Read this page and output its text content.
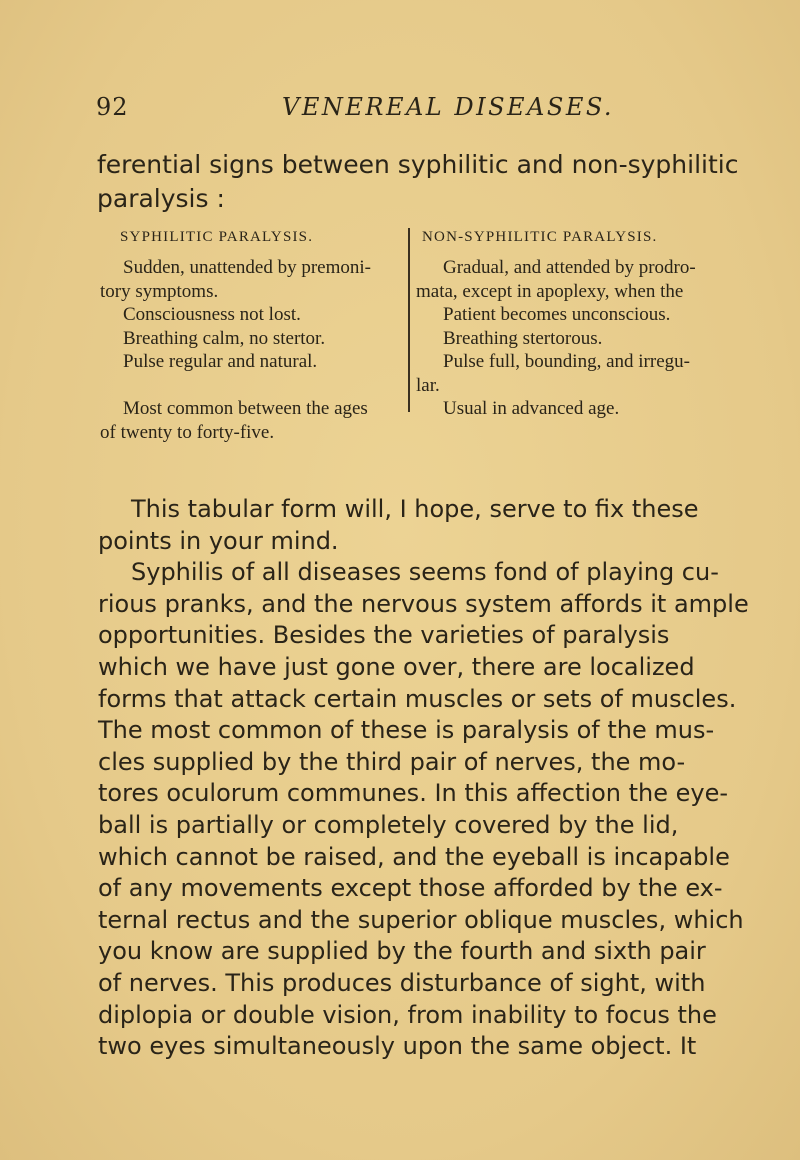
92	VENEREAL DISEASES.

ferential signs between syphilitic and non-syphilitic
paralysis :

SYPHILITIC PARALYSIS.
Sudden, unattended by premoni-
tory symptoms.
Consciousness not lost.
Breathing calm, no stertor.
Pulse regular and natural.
Most common between the ages
of twenty to forty-five.
NON-SYPHILITIC PARALYSIS.
Gradual, and attended by prodro-
mata, except in apoplexy, when the
Patient becomes unconscious.
Breathing stertorous.
Pulse full, bounding, and irregu-
lar.
Usual in advanced age.
This tabular form will, I hope, serve to fix these
points in your mind.
Syphilis of all diseases seems fond of playing cu-
rious pranks, and the nervous system affords it ample
opportunities. Besides the varieties of paralysis
which we have just gone over, there are localized
forms that attack certain muscles or sets of muscles.
The most common of these is paralysis of the mus-
cles supplied by the third pair of nerves, the mo-
tores oculorum communes. In this affection the eye-
ball is partially or completely covered by the lid,
which cannot be raised, and the eyeball is incapable
of any movements except those afforded by the ex-
ternal rectus and the superior oblique muscles, which
you know are supplied by the fourth and sixth pair
of nerves. This produces disturbance of sight, with
diplopia or double vision, from inability to focus the
two eyes simultaneously upon the same object. It
